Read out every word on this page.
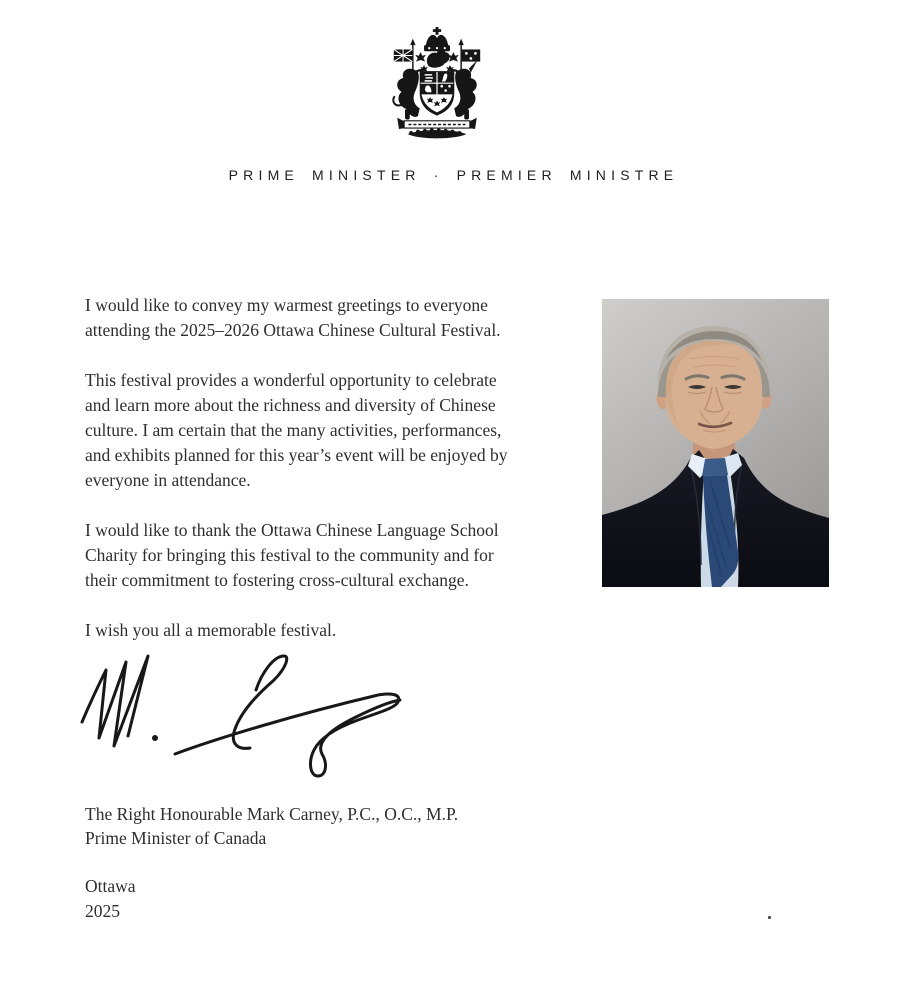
PRIME MINISTER · PREMIER MINISTRE

I would like to convey my warmest greetings to everyone
attending the 2025–2026 Ottawa Chinese Cultural Festival.

This festival provides a wonderful opportunity to celebrate
and learn more about the richness and diversity of Chinese
culture. I am certain that the many activities, performances,
and exhibits planned for this year’s event will be enjoyed by
everyone in attendance.

I would like to thank the Ottawa Chinese Language School
Charity for bringing this festival to the community and for
their commitment to fostering cross-cultural exchange.

I wish you all a memorable festival.

The Right Honourable Mark Carney, P.C., O.C., M.P.

Prime Minister of Canada

Ottawa

2025
